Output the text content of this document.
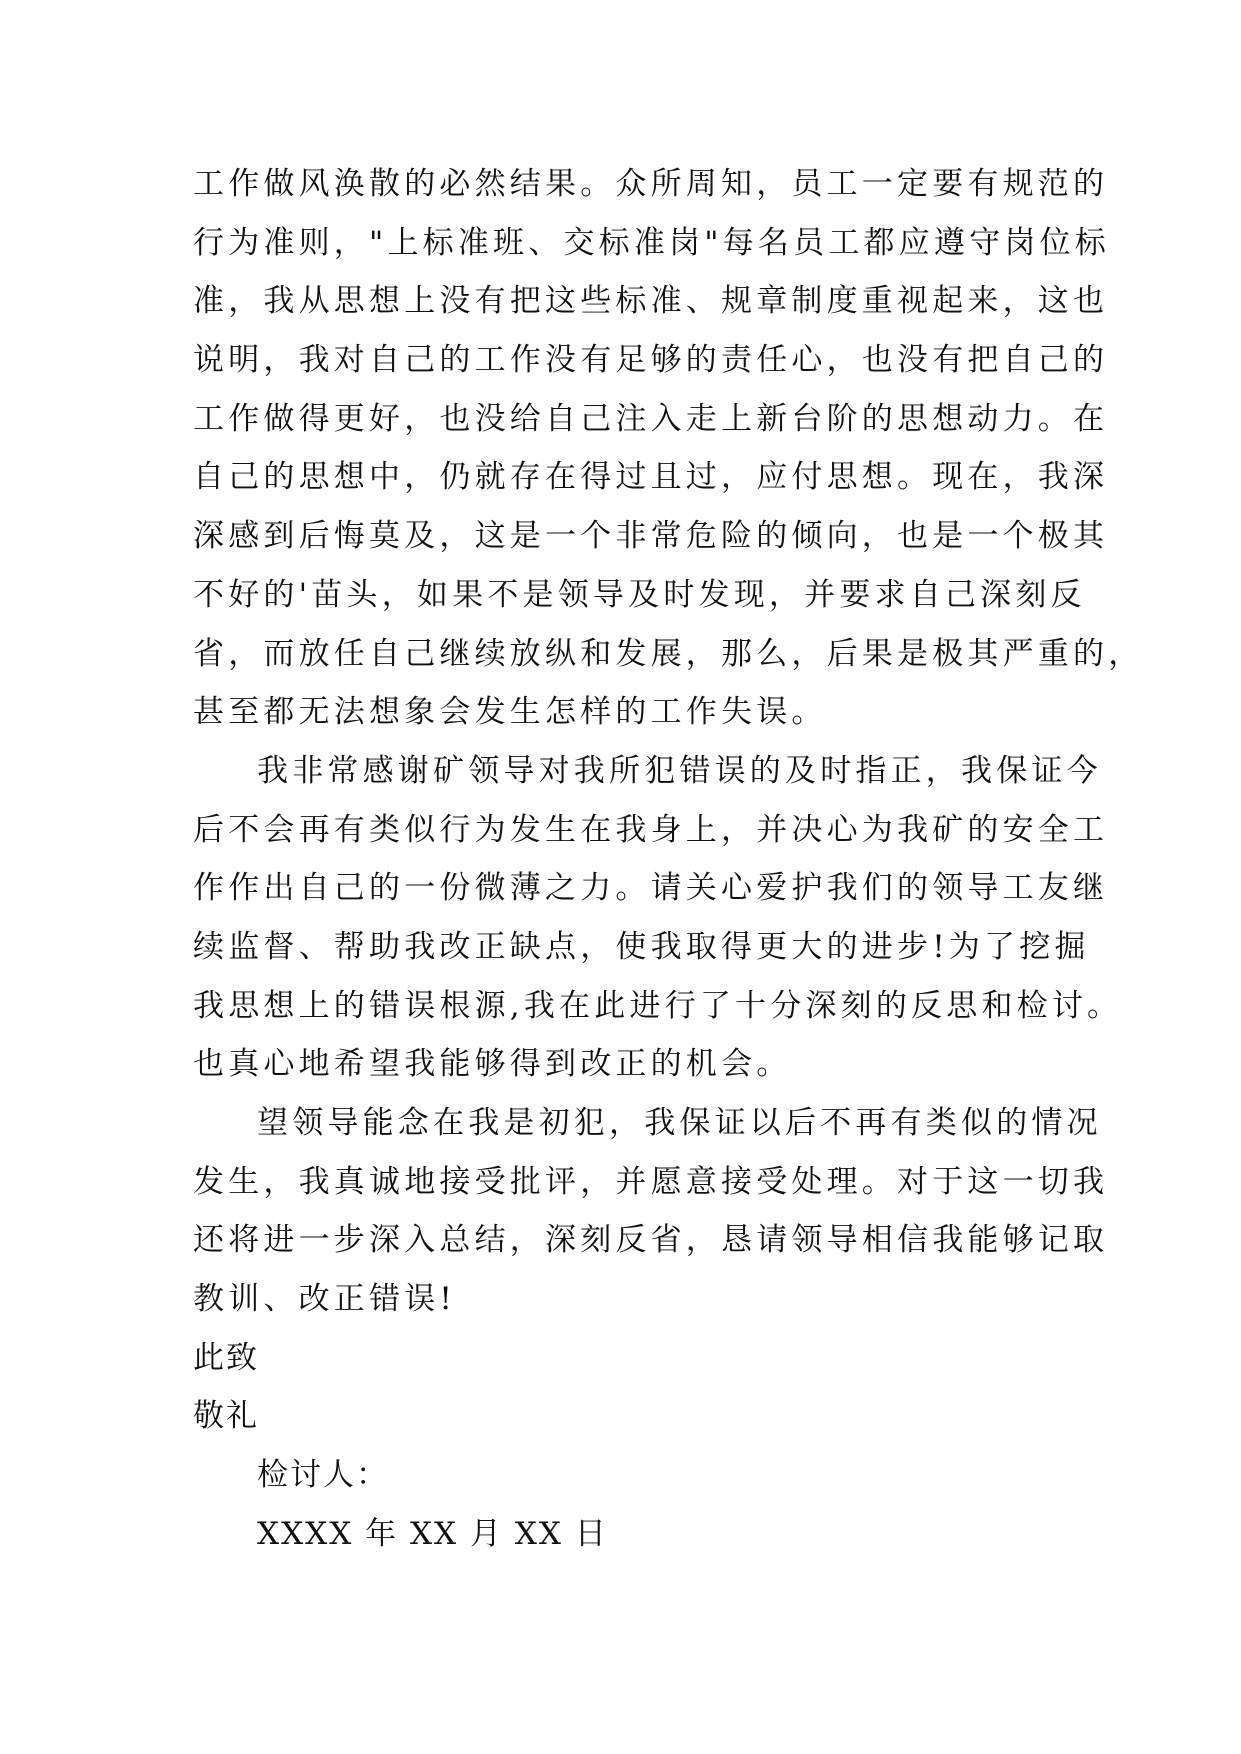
工作做风涣散的必然结果。众所周知，员工一定要有规范的
行为准则，"上标准班、交标准岗"每名员工都应遵守岗位标
准，我从思想上没有把这些标准、规章制度重视起来，这也
说明，我对自己的工作没有足够的责任心，也没有把自己的
工作做得更好，也没给自己注入走上新台阶的思想动力。在
自己的思想中，仍就存在得过且过，应付思想。现在，我深
深感到后悔莫及，这是一个非常危险的倾向，也是一个极其
不好的'苗头，如果不是领导及时发现，并要求自己深刻反
省，而放任自己继续放纵和发展，那么，后果是极其严重的，
甚至都无法想象会发生怎样的工作失误。
我非常感谢矿领导对我所犯错误的及时指正，我保证今
后不会再有类似行为发生在我身上，并决心为我矿的安全工
作作出自己的一份微薄之力。请关心爱护我们的领导工友继
续监督、帮助我改正缺点，使我取得更大的进步!为了挖掘
我思想上的错误根源,我在此进行了十分深刻的反思和检讨。
也真心地希望我能够得到改正的机会。
望领导能念在我是初犯，我保证以后不再有类似的情况
发生，我真诚地接受批评，并愿意接受处理。对于这一切我
还将进一步深入总结，深刻反省，恳请领导相信我能够记取
教训、改正错误!
此致
敬礼
检讨人：
XXXX 年 XX 月 XX 日
